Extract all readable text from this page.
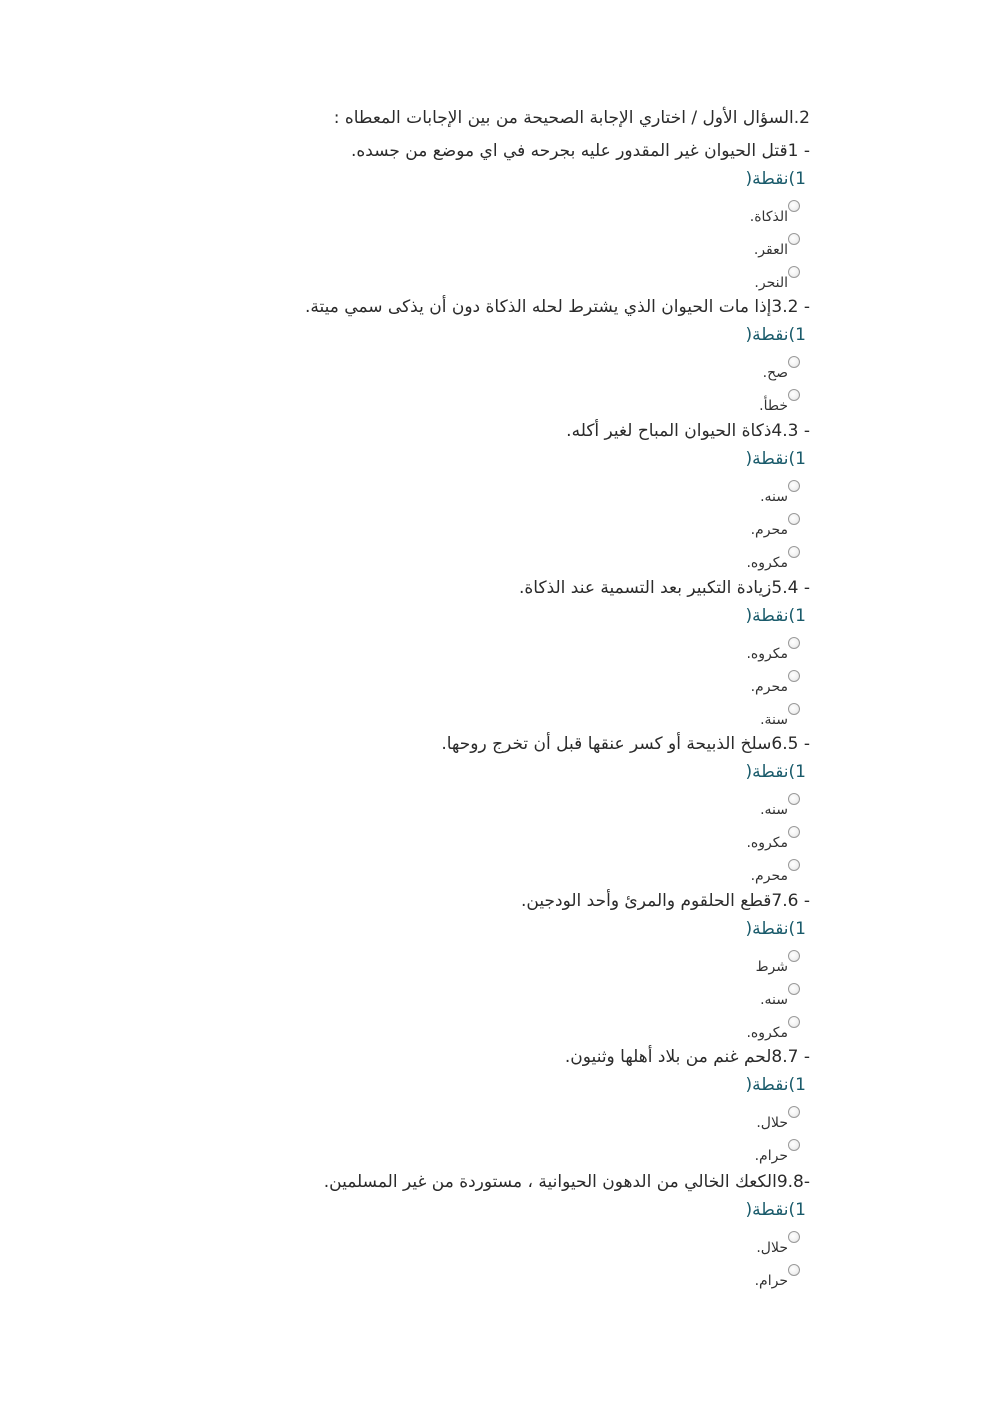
2.السؤال الأول / اختاري الإجابة الصحيحة من بين الإجابات المعطاه :
- 1قتل الحيوان غير المقدور عليه بجرحه في اي موضع من جسده.
1)نقطة(
الذكاة.
العقر.
النحر.
- 3.2إذا مات الحيوان الذي يشترط لحله الذكاة دون أن يذكى سمي ميتة.
1)نقطة(
صح.
خطأ.
- 4.3ذكاة الحيوان المباح لغير أكله.
1)نقطة(
سنه.
محرم.
مكروه.
- 5.4زيادة التكبير بعد التسمية عند الذكاة.
1)نقطة(
مكروه.
محرم.
سنة.
- 6.5سلخ الذبيحة أو كسر عنقها قبل أن تخرج روحها.
1)نقطة(
سنه.
مكروه.
محرم.
- 7.6قطع الحلقوم والمرئ وأحد الودجين.
1)نقطة(
شرط
سنه.
مكروه.
- 8.7لحم غنم من بلاد أهلها وثنيون.
1)نقطة(
حلال.
حرام.
-9.8الكعك الخالي من الدهون الحيوانية ، مستوردة من غير المسلمين.
1)نقطة(
حلال.
حرام.
